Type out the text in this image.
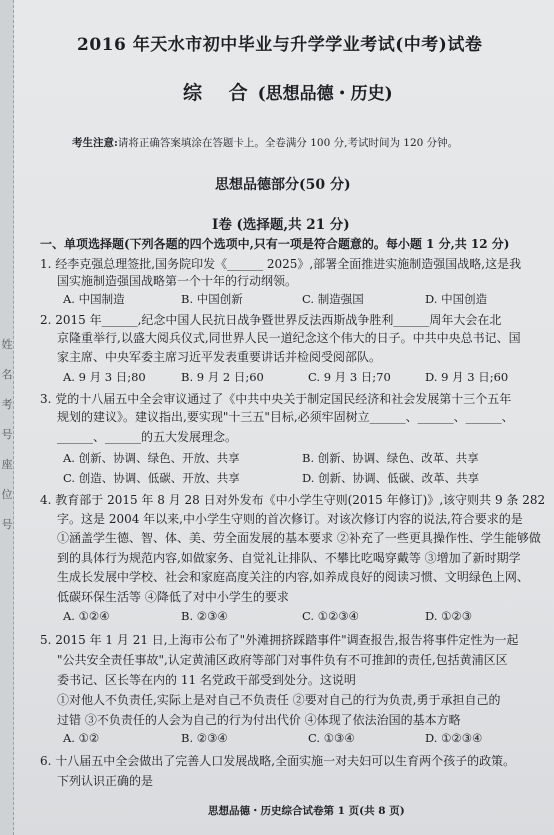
姓
名
考
号
座
位
号
2016 年天水市初中毕业与升学学业考试(中考)试卷
综 合(思想品德・历史)
考生注意:请将正确答案填涂在答题卡上。全卷满分 100 分,考试时间为 120 分钟。
思想品德部分(50 分)
Ⅰ卷 (选择题,共 21 分)
一、单项选择题(下列各题的四个选项中,只有一项是符合题意的。每小题 1 分,共 12 分)
1. 经李克强总理签批,国务院印发《______ 2025》,部署全面推进实施制造强国战略,这是我
国实施制造强国战略第一个十年的行动纲领。
A. 中国制造	B. 中国创新	C. 制造强国	D. 中国创造
2. 2015 年______,纪念中国人民抗日战争暨世界反法西斯战争胜利______周年大会在北
京隆重举行,以盛大阅兵仪式,同世界人民一道纪念这个伟大的日子。中共中央总书记、国
家主席、中央军委主席习近平发表重要讲话并检阅受阅部队。
A. 9 月 3 日;80	B. 9 月 2 日;60	C. 9 月 3 日;70	D. 9 月 3 日;60
3. 党的十八届五中全会审议通过了《中共中央关于制定国民经济和社会发展第十三个五年
规划的建议》。建议指出,要实现"十三五"目标,必须牢固树立______、______、______、
______、______的五大发展理念。
A. 创新、协调、绿色、开放、共享	B. 创新、协调、绿色、改革、共享
C. 创造、协调、低碳、开放、共享	D. 创新、协调、低碳、改革、共享
4. 教育部于 2015 年 8 月 28 日对外发布《中小学生守则(2015 年修订)》,该守则共 9 条 282
字。这是 2004 年以来,中小学生守则的首次修订。对该次修订内容的说法,符合要求的是
①涵盖学生德、智、体、美、劳全面发展的基本要求 ②补充了一些更具操作性、学生能够做
到的具体行为规范内容,如做家务、自觉礼让排队、不攀比吃喝穿戴等 ③增加了新时期学
生成长发展中学校、社会和家庭高度关注的内容,如养成良好的阅读习惯、文明绿色上网、
低碳环保生活等 ④降低了对中小学生的要求
A. ①②④	B. ②③④	C. ①②③④	D. ①②③
5. 2015 年 1 月 21 日,上海市公布了"外滩拥挤踩踏事件"调查报告,报告将事件定性为一起
"公共安全责任事故",认定黄浦区政府等部门对事件负有不可推卸的责任,包括黄浦区区
委书记、区长等在内的 11 名党政干部受到处分。这说明
①对他人不负责任,实际上是对自己不负责任 ②要对自己的行为负责,勇于承担自己的
过错 ③不负责任的人会为自己的行为付出代价 ④体现了依法治国的基本方略
A. ①②	B. ②③④	C. ①③④	D. ①②③④
6. 十八届五中全会做出了完善人口发展战略,全面实施一对夫妇可以生育两个孩子的政策。
下列认识正确的是
思想品德・历史综合试卷第 1 页(共 8 页)
